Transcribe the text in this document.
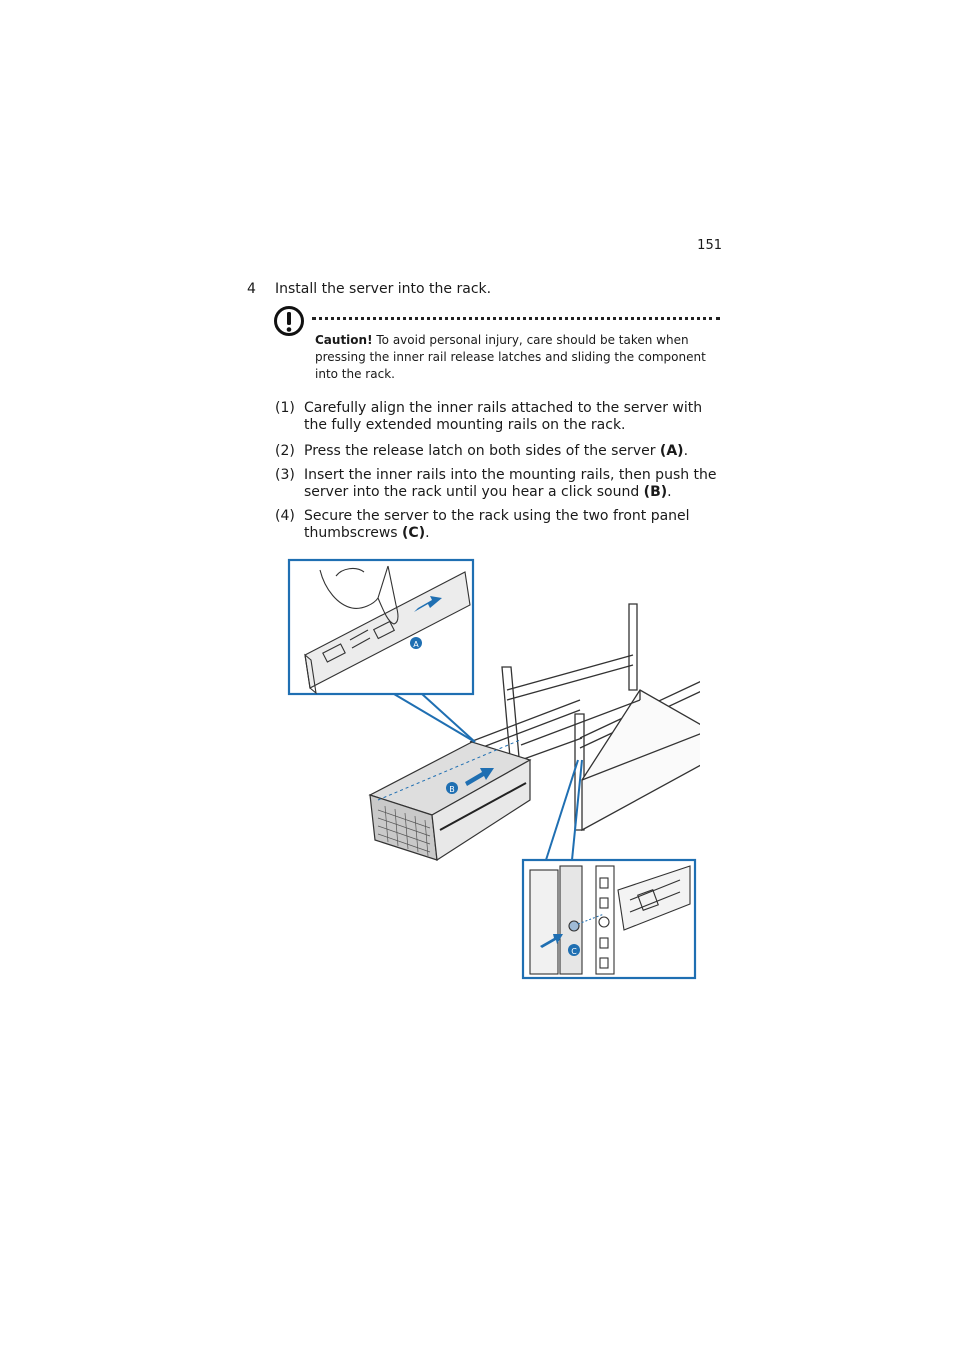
151
4 Install the server into the rack.
Caution! To avoid personal injury, care should be taken when pressing the inner rail release latches and sliding the component into the rack.
(1) Carefully align the inner rails attached to the server with the fully extended mounting rails on the rack.
(2) Press the release latch on both sides of the server (A).
(3) Insert the inner rails into the mounting rails, then push the server into the rack until you hear a click sound (B).
(4) Secure the server to the rack using the two front panel thumbscrews (C).
B
A
C
